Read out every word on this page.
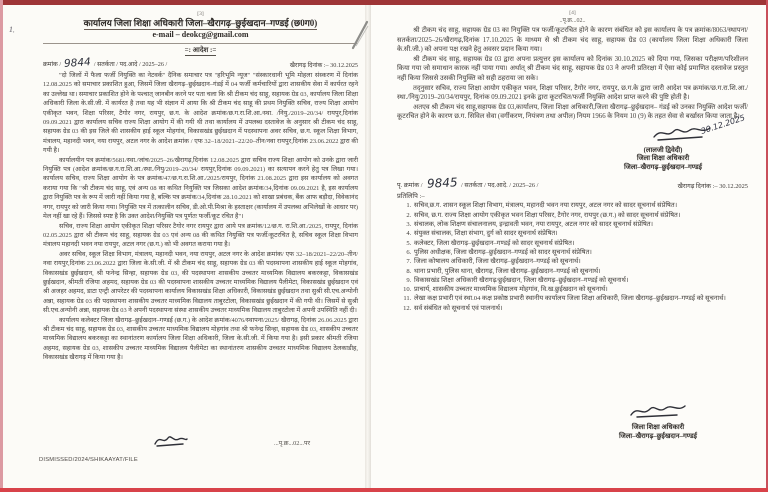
1.
[3]
कार्यालय जिला शिक्षा अधिकारी जिला–खैरागढ़–छुईखदान–गण्डई (छ0ग0)
e-mail – deokcg@gmail.com
=: आदेश :=
क्रमांक / 9844 / सतर्कता / पद.आदे / 2025–26 /	खैरागढ़ दिनांक :– 30.12.2025

"दो जिलों में फैला फर्जी नियुक्ति का नेटवर्क" दैनिक समाचार पत्र "हरिभूमि न्यूज" "संस्कारधानी भूमि मोहला संस्करण में दिनांक 12.08.2025 को समाचार प्रकाशित हुआ, जिसमें जिला खैरागढ़–छुईखदान–गंडई में 04 फर्जी कर्मचारियों द्वारा शासकीय सेवा में कार्यरत रहने का उल्लेख था। समाचार प्रकाशित होने के पश्चात् जानबीन करने पर पता चला कि श्री टीकम चंद साहू, सहायक ग्रेड 03, कार्यालय जिला शिक्षा अधिकारी जिला के.सी.जी. में कार्यरत है तथा यह भी संज्ञान में आया कि श्री टीकम चंद साहू की प्रथम नियुक्ति सचिव, राज्य शिक्षा आयोग एकीकृत भवन, शिक्षा परिसर, टैगोर नगर, रायपुर, छ.ग. के आदेश क्रमांक/छ.ग.रा.शि.आ./स्था. /नियु./2019–20/34/ रायपुर,दिनांक 09.09.2021 द्वारा कार्यालय सचिव राज्य शिक्षा आयोग में की गयी थी तथा कार्यालय में उपलब्ध दस्तावेज के अनुसार श्री टीकम चंद साहू, सहायक ग्रेड 03 की इस जिले की शासकीय हाई स्कूल मोहगांव, विकासखंड छुईखदान में पदस्थापना अवर सचिव, छ.ग. स्कूल शिक्षा विभाग, मंत्रालय, महानदी भवन, नया रायपुर, अटल नगर के आदेश क्रमांक / एफ 32–18/2021–22/20–तीन/नवा रायपुर,दिनांक 23.06.2022 द्वारा की गयी है।

कार्यालयीन पत्र क्रमांक/5681/स्था./जांच/2025–26/खैरागढ़,दिनांक 12.08.2025 द्वारा सचिव राज्य शिक्षा आयोग को उनके द्वारा जारी नियुक्ति पत्र (आदेश क्रमांक/छ.ग.रा.शि.आ./स्था./नियु/2019–20/34/ रायपुर,दिनांक 09.09.2021) का सत्यापन करने हेतु पत्र लिखा गया। कार्यालय सचिव, राज्य शिक्षा आयोग के पत्र क्रमांक/47/छ.ग.रा.शि.आ./2025/रायपुर, दिनांक 21.08.2025 द्वारा इस कार्यालय को अवगत कराया गया कि "श्री टीकम चंद साहू, एवं अन्य 08 का कथित नियुक्ति पत्र जिसका आदेश क्रमांक/34,दिनांक 09.09.2021 है, इस कार्यालय द्वारा नियुक्ति पत्र के रूप में जारी नहीं किया गया है, बल्कि पत्र क्रमांक/34,दिनांक 28.10.2021 को शाखा प्रबंधक, बैंक आफ बड़ौदा, विवेकानंद नगर, रायपुर को जारी किया गया। नियुक्ति पत्र में तत्कालीन सचिव, डी.ओ.पी.मिश्रा के हस्ताक्षर (कार्यालय में उपलब्ध अभिलेखों के आधार पर) मेल नहीं खा रहे हैं। जिससे स्पष्ट है कि उक्त आदेश/नियुक्ति पत्र पूर्णतः फर्जी/कूट रचित है"।

सचिव, राज्य शिक्षा आयोग एकीकृत शिक्षा परिसर टैगोर नगर रायपुर द्वारा आये पत्र क्रमांक/12/छ.ग. रा.शि.आ./2025, रायपुर, दिनांक 02.05.2025 द्वारा श्री टीकम चंद साहू, सहायक ग्रेड 03 एवं अन्य 08 की कथित नियुक्ति पत्र फर्जी/कूटरचित है, सचिव स्कूल शिक्षा विभाग मंत्रालय महानदी भवन नया रायपुर, अटल नगर (छ.ग.) को भी अवगत कराया गया है।

अवर सचिव, स्कूल शिक्षा विभाग, मंत्रालय, महानदी भवन, नया रायपुर, अटल नगर के आदेश क्रमांक/ एफ 32–18/2021–22/20–तीन/नवा रायपुर,दिनांक 23.06.2022 द्वारा जिला के.सी.जी. में श्री टीकम चंद साहू, सहायक ग्रेड 03 की पदस्थापना शासकीय हाई स्कूल मोहगांव, विकासखंड छुईखदान, श्री फनेन्द्र सिन्हा, सहायक ग्रेड 03, की पदस्थापना शासकीय उच्चतर माध्यमिक विद्यालय बकरकट्टा, विकासखंड छुईखदान, श्रीमती रजिया अहमद, सहायक ग्रेड 03 की पदस्थापना शासकीय उच्चतर माध्यमिक विद्यालय पैलीमेटा, विकासखंड छुईखदान एवं श्री अजहर अहमद, डाटा एन्ट्री आपरेटर की पदस्थापना कार्यालय विकासखंड शिक्षा अधिकारी, विकासखंड छुईखदान तथा सुश्री सी.एच.अन्योनी अन्ना, सहायक ग्रेड 03 की पदस्थापना शासकीय उच्चतर माध्यमिक विद्यालय ताबुरटोला, विकासखंड छुईखदान में की गयी थी। जिसमें से सुश्री सी.एच.अन्योनी अन्ना, सहायक ग्रेड 03 ने अपनी पदस्थापना संस्था शासकीय उच्चतर माध्यमिक विद्यालय ताबुरटोला में अपनी उपस्थिति नहीं दी।

कार्यालय कलेक्टर जिला खैरागढ़–छुईखदान–गण्डई (छ.ग.) के आदेश क्रमांक/4076/स्थापना/2025/ खैरागढ़, दिनांक 26.06.2025 द्वारा श्री टीकम चंद साहू, सहायक ग्रेड 03, शासकीय उच्चतर माध्यमिक विद्यालय मोहगांव तथा श्री फनेन्द्र सिन्हा, सहायक ग्रेड 03, शासकीय उच्चतर माध्यमिक विद्यालय बकरकट्टा का स्थानांतरण कार्यालय जिला शिक्षा अधिकारी, जिला के.सी.जी. में किया गया है। इसी प्रकार श्रीमती रजिया अहमद, सहायक ग्रेड 03, शासकीय उच्चतर माध्यमिक विद्यालय पैलीमेटा का स्थानांतरण शासकीय उच्चतर माध्यमिक विद्यालय ठेलकाडीह, विकासखंड खैरागढ़ में किया गया है।

...पृ.क्र...02...पर
DISMISSED/2024/SHIKAAYAT/FILE
[4]
..पृ.क्र...02..

श्री टीकम चंद साहू, सहायक ग्रेड 03 का नियुक्ति पत्र फर्जी/कूटरचित होने के कारण संबंधित को इस कार्यालय के पत्र क्रमांक/8063/स्थापना/सतर्कता/2025–26/खैरागढ़,दिनांक 17.10.2025 के माध्यम से श्री टीकम चंद साहू, सहायक ग्रेड 03 (कार्यालय जिला शिक्षा अधिकारी जिला के.सी.जी.) को अपना पक्ष रखने हेतु अवसर प्रदान किया गया।

श्री टीकम चंद साहू, सहायक ग्रेड 03 द्वारा अपना प्रत्युत्तर इस कार्यालय को दिनांक 30.10.2025 को दिया गया, जिसका परीक्षण/परिशीलन किया गया जो समाधान कारक नहीं पाया गया। अर्थात् श्री टीकम चंद साहू, सहायक ग्रेड 03 ने अपनी प्रतिरक्षा में ऐसा कोई प्रमाणित दस्तावेज प्रस्तुत नहीं किया जिससे उसकी नियुक्ति को सही ठहराया जा सके।

तद्नुसार सचिव, राज्य शिक्षा आयोग एकीकृत भवन, शिक्षा परिसर, टैगोर नगर, रायपुर, छ.ग.के द्वारा जारी आदेश पत्र क्रमांक/छ.ग.रा.शि.आ./स्था./नियु/2019–20/34/रायपुर, दिनांक 09.09.2021 इनके द्वारा कूटरचित/फर्जी नियुक्ति आदेश प्राप्त करने की पुष्टि होती है।

अतएव श्री टीकम चंद साहू,सहायक ग्रेड 03,कार्यालय, जिला शिक्षा अधिकारी,जिला खैरागढ़–छुईखदान– गंडई को उनका नियुक्ति आदेश फर्जी/कूटरचित होने के कारण छ.ग. सिविल सेवा (वर्गीकरण, नियंत्रण तथा अपील) नियम 1966 के नियम 10 (9) के तहत सेवा से बर्खास्त किया जाता है।

30.12.2025
(लालजी द्विवेदी)
जिला शिक्षा अधिकारी
जिला–खैरागढ़–छुईखदान–गण्डई
पृ. क्रमांक / 9845 / सतर्कता / पद.आदे. / 2025–26 /	खैरागढ़ दिनांक :– 30.12.2025
प्रतिलिपि :–
1. सचिव,छ.ग. शासन स्कूल शिक्षा विभाग, मंत्रालय, महानदी भवन नया रायपुर, अटल नगर को सादर सूचनार्थ संप्रेषित।
2. सचिव, छ.ग. राज्य शिक्षा आयोग एकीकृत भवन शिक्षा परिसर, टैगोर नगर, रायपुर (छ.ग.) को सादर सूचनार्थ संप्रेषित।
3. संचालक, लोक शिक्षण संचालनालय, इन्द्रावती भवन, नया रायपुर, अटल नगर को सादर सूचनार्थ संप्रेषित।
4. संयुक्त संचालक, शिक्षा संभाग, दुर्ग को सादर सूचनार्थ संप्रेषित।
5. कलेक्टर, जिला खैरागढ़–छुईखदान–गण्डई को सादर सूचनार्थ संप्रेषित।
6. पुलिस अधीक्षक, जिला खैरागढ़–छुईखदान–गण्डई को सादर सूचनार्थ संप्रेषित।
7. जिला कोषालय अधिकारी, जिला खैरागढ़–छुईखदान–गण्डई को सूचनार्थ।
8. थाना प्रभारी, पुलिस थाना, खैरागढ़, जिला खैरागढ़–छुईखदान–गण्डई को सूचनार्थ।
9. विकासखंड शिक्षा अधिकारी खैरागढ़/छुईखदान, जिला खैरागढ़–छुईखदान–गण्डई को सूचनार्थ।
10. प्राचार्य, शासकीय उच्चतर माध्यमिक विद्यालय मोहगांव, वि.ख.छुईखदान को सूचनार्थ।
11. लेखा कक्ष प्रभारी एवं स्था.04 कक्ष प्रकोष्ठ प्रभारी स्थानीय कार्यालय जिला शिक्षा अधिकारी, जिला खैरागढ़–छुईखदान–गण्डई को सूचनार्थ।
12. सर्व संबंधित को सूचनार्थ एवं पालनार्थ।
जिला शिक्षा अधिकारी
जिला–खैरागढ़–छुईखदान–गण्डई
